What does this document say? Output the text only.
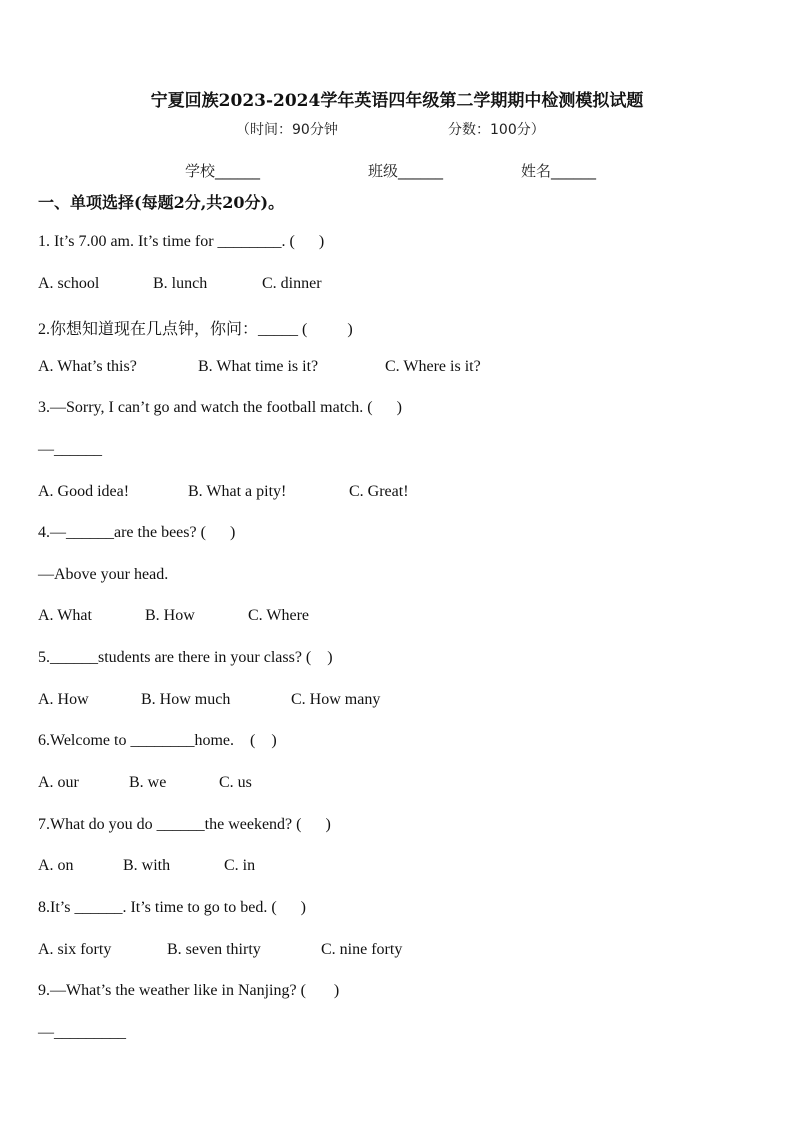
宁夏回族2023-2024学年英语四年级第二学期期中检测模拟试题
（时间：90分钟	分数：100分）
学校______	班级______	姓名______
一、单项选择(每题2分,共20分)。
1. It’s 7.00 am. It’s time for ________. (      )
A. school	B. lunch	C. dinner
2.你想知道现在几点钟，你问：_____ (          )
A. What’s this?	B. What time is it?	C. Where is it?
3.—Sorry, I can’t go and watch the football match. (      )
—______
A. Good idea!	B. What a pity!	C. Great!
4.—______are the bees? (      )
—Above your head.
A. What	B. How	C. Where
5.______students are there in your class? (    )
A. How	B. How much	C. How many
6.Welcome to ________home.    (    )
A. our	B. we	C. us
7.What do you do ______the weekend? (      )
A. on	B. with	C. in
8.It’s ______. It’s time to go to bed. (      )
A. six forty	B. seven thirty	C. nine forty
9.—What’s the weather like in Nanjing? (       )
—_________
